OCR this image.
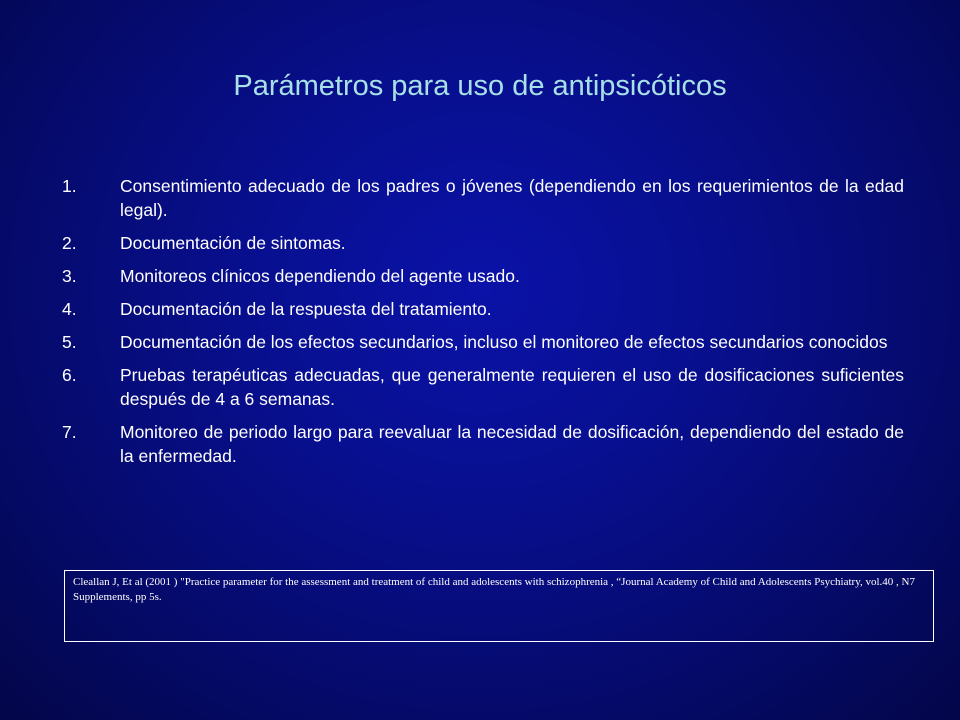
Parámetros para uso de antipsicóticos
1.	Consentimiento adecuado de los padres o jóvenes (dependiendo en los requerimientos de la edad legal).
2.	Documentación de sintomas.
3.	Monitoreos clínicos dependiendo del agente usado.
4.	Documentación de la respuesta del tratamiento.
5.	Documentación de los efectos secundarios, incluso el monitoreo de efectos secundarios conocidos
6.	Pruebas terapéuticas adecuadas, que generalmente requieren el uso de dosificaciones suficientes después de 4 a 6 semanas.
7.	Monitoreo de periodo largo para reevaluar la necesidad de dosificación, dependiendo del estado de la enfermedad.
Cleallan J, Et al (2001 ) "Practice parameter for the assessment and treatment of child and adolescents with schizophrenia , “Journal Academy of Child and Adolescents Psychiatry, vol.40 , N7 Supplements, pp 5s.
